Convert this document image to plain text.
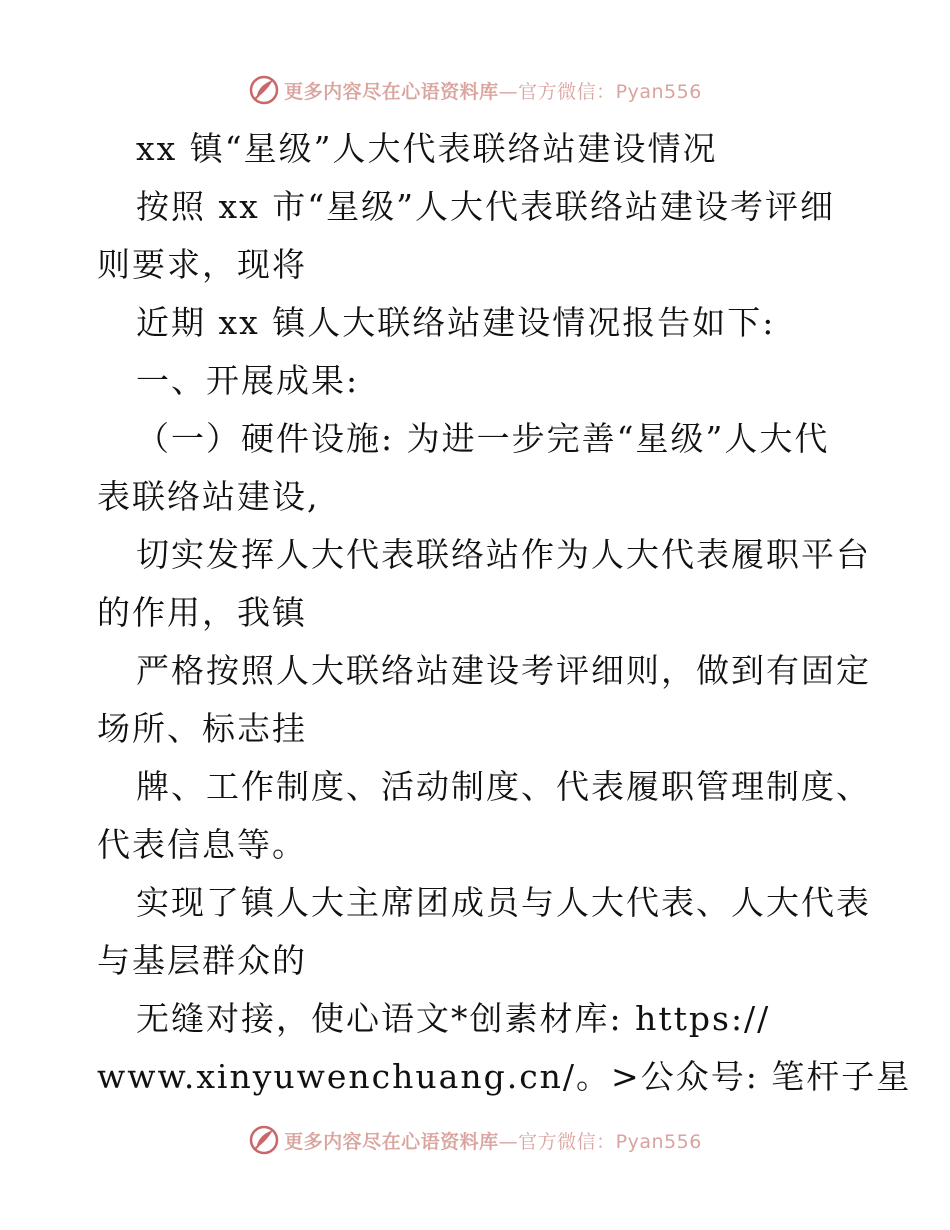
更多内容尽在心语资料库—官方微信：Pyan556
xx 镇“星级”人大代表联络站建设情况
按照 xx 市“星级”人大代表联络站建设考评细
则要求，现将
近期 xx 镇人大联络站建设情况报告如下:
一、开展成果:
（一）硬件设施: 为进一步完善“星级”人大代
表联络站建设,
切实发挥人大代表联络站作为人大代表履职平台
的作用，我镇
严格按照人大联络站建设考评细则，做到有固定
场所、标志挂
牌、工作制度、活动制度、代表履职管理制度、
代表信息等。
实现了镇人大主席团成员与人大代表、人大代表
与基层群众的
无缝对接，使心语文*创素材库: https://
www.xinyuwenchuang.cn/。>公众号: 笔杆子星
更多内容尽在心语资料库—官方微信：Pyan556
